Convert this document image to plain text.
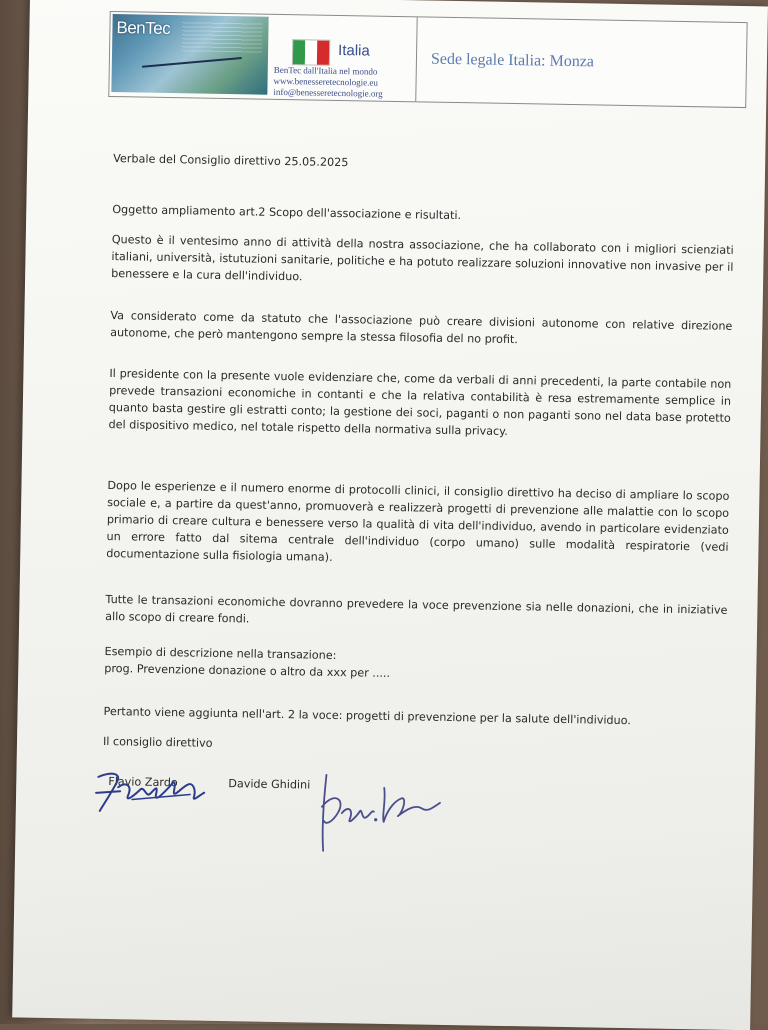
BenTec
Italia
BenTec dall'Italia nel mondo
www.benesseretecnologie.eu
info@benesseretecnologie.org
Sede legale Italia: Monza
Verbale del Consiglio direttivo 25.05.2025
Oggetto ampliamento art.2 Scopo dell'associazione e risultati.
Questo è il ventesimo anno di attività della nostra associazione, che ha collaborato con i migliori scienziati italiani, università, istutuzioni sanitarie, politiche e ha potuto realizzare soluzioni innovative non invasive per il benessere e la cura dell'individuo.
Va considerato come da statuto che l'associazione può creare divisioni autonome con relative direzione autonome, che però mantengono sempre la stessa filosofia del no profit.
Il presidente con la presente vuole evidenziare che, come da verbali di anni precedenti, la parte contabile non prevede transazioni economiche in contanti e che la relativa contabilità è resa estremamente semplice in quanto basta gestire gli estratti conto; la gestione dei soci, paganti o non paganti sono nel data base protetto del dispositivo medico, nel totale rispetto della normativa sulla privacy.
Dopo le esperienze e il numero enorme di protocolli clinici, il consiglio direttivo ha deciso di ampliare lo scopo sociale e, a partire da quest'anno, promuoverà e realizzerà progetti di prevenzione alle malattie con lo scopo primario di creare cultura e benessere verso la qualità di vita dell'individuo, avendo in particolare evidenziato un errore fatto dal sitema centrale dell'individuo (corpo umano) sulle modalità respiratorie (vedi documentazione sulla fisiologia umana).
Tutte le transazioni economiche dovranno prevedere la voce prevenzione sia nelle donazioni, che in iniziative allo scopo di creare fondi.
Esempio di descrizione nella transazione:
prog. Prevenzione donazione o altro da xxx per .....
Pertanto viene aggiunta nell'art. 2 la voce: progetti di prevenzione per la salute dell'individuo.
Il consiglio direttivo
Flavio Zardo	Davide Ghidini
